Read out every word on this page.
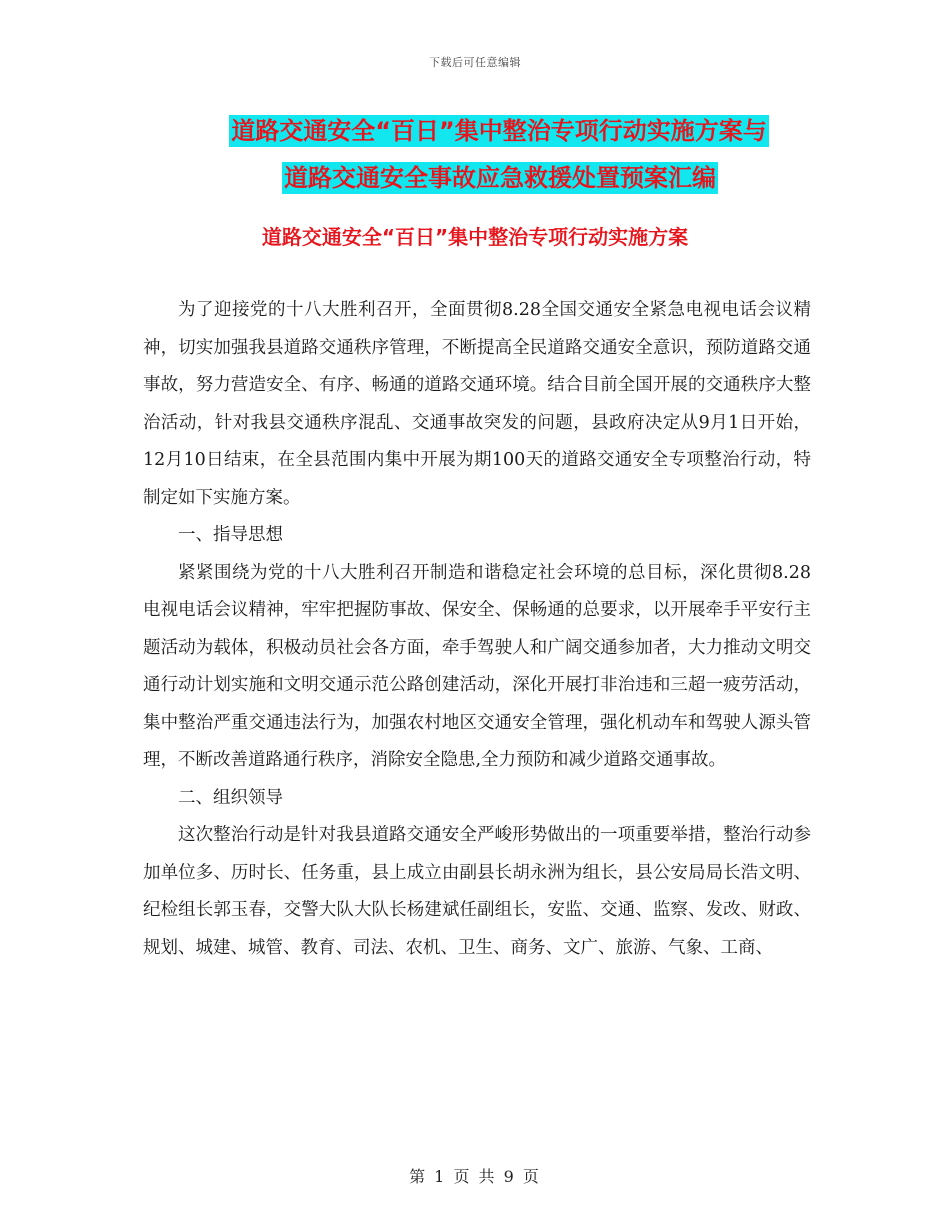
下载后可任意编辑
道路交通安全“百日”集中整治专项行动实施方案与
道路交通安全事故应急救援处置预案汇编
道路交通安全“百日”集中整治专项行动实施方案

为了迎接党的十八大胜利召开，全面贯彻8.28全国交通安全紧急电视电话会议精神，切实加强我县道路交通秩序管理，不断提高全民道路交通安全意识，预防道路交通事故，努力营造安全、有序、畅通的道路交通环境。结合目前全国开展的交通秩序大整治活动，针对我县交通秩序混乱、交通事故突发的问题，县政府决定从9月1日开始，12月10日结束，在全县范围内集中开展为期100天的道路交通安全专项整治行动，特制定如下实施方案。

一、指导思想

紧紧围绕为党的十八大胜利召开制造和谐稳定社会环境的总目标，深化贯彻8.28电视电话会议精神，牢牢把握防事故、保安全、保畅通的总要求，以开展牵手平安行主题活动为载体，积极动员社会各方面，牵手驾驶人和广阔交通参加者，大力推动文明交通行动计划实施和文明交通示范公路创建活动，深化开展打非治违和三超一疲劳活动，集中整治严重交通违法行为，加强农村地区交通安全管理，强化机动车和驾驶人源头管理，不断改善道路通行秩序，消除安全隐患,全力预防和减少道路交通事故。

二、组织领导

这次整治行动是针对我县道路交通安全严峻形势做出的一项重要举措，整治行动参加单位多、历时长、任务重，县上成立由副县长胡永洲为组长，县公安局局长浩文明、纪检组长郭玉春，交警大队大队长杨建斌任副组长，安监、交通、监察、发改、财政、规划、城建、城管、教育、司法、农机、卫生、商务、文广、旅游、气象、工商、

第 1 页 共 9 页
